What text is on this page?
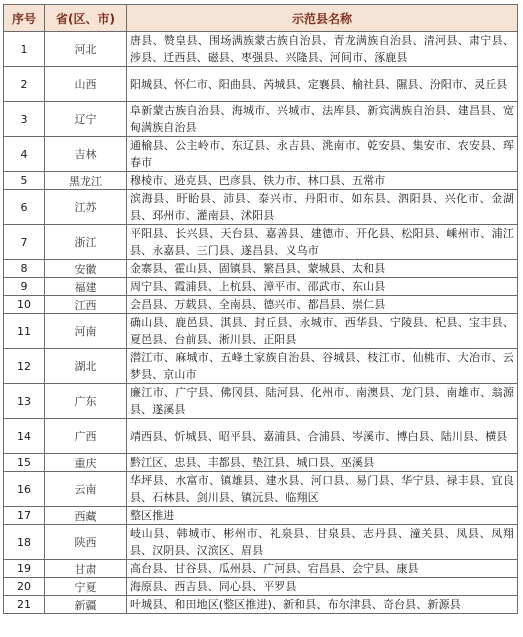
序号	省(区、市)	示范县名称
1	河北	唐县、赞皇县、围场满族蒙古族自治县、青龙满族自治县、清河县、肃宁县、涉县、迁西县、磁县、枣强县、兴隆县、河间市、涿鹿县
2	山西	阳城县、怀仁市、阳曲县、芮城县、定襄县、榆社县、隰县、汾阳市、灵丘县
3	辽宁	阜新蒙古族自治县、海城市、兴城市、法库县、新宾满族自治县、建昌县、宽甸满族自治县
4	吉林	通榆县、公主岭市、东辽县、永吉县、洮南市、乾安县、集安市、农安县、珲春市
5	黑龙江	穆棱市、逊克县、巴彦县、铁力市、林口县、五常市
6	江苏	滨海县、盱眙县、沛县、泰兴市、丹阳市、如东县、泗阳县、兴化市、金湖县、邳州市、灌南县、沭阳县
7	浙江	平阳县、长兴县、天台县、嘉善县、建德市、开化县、松阳县、嵊州市、浦江县、永嘉县、三门县、遂昌县、义乌市
8	安徽	金寨县、霍山县、固镇县、繁昌县、蒙城县、太和县
9	福建	周宁县、霞浦县、上杭县、漳平市、邵武市、东山县
10	江西	会昌县、万载县、全南县、德兴市、都昌县、崇仁县
11	河南	确山县、鹿邑县、淇县、封丘县、永城市、西华县、宁陵县、杞县、宝丰县、夏邑县、台前县、淅川县、正阳县
12	湖北	潜江市、麻城市、五峰土家族自治县、谷城县、枝江市、仙桃市、大冶市、云梦县、京山市
13	广东	廉江市、广宁县、佛冈县、陆河县、化州市、南澳县、龙门县、南雄市、翁源县、遂溪县
14	广西	靖西县、忻城县、昭平县、嘉浦县、合浦县、岑溪市、博白县、陆川县、横县
15	重庆	黔江区、忠县、丰都县、垫江县、城口县、巫溪县
16	云南	华坪县、水富市、镇雄县、建水县、河口县、易门县、华宁县、禄丰县、宜良县、石林县、剑川县、镇沅县、临翔区
17	西藏	整区推进
18	陕西	岐山县、韩城市、彬州市、礼泉县、甘泉县、志丹县、潼关县、凤县、凤翔县、汉阴县、汉滨区、眉县
19	甘肃	高台县、甘谷县、瓜州县、广河县、宕昌县、会宁县、康县
20	宁夏	海原县、西吉县、同心县、平罗县
21	新疆	叶城县、和田地区(整区推进)、新和县、布尔津县、奇台县、新源县
